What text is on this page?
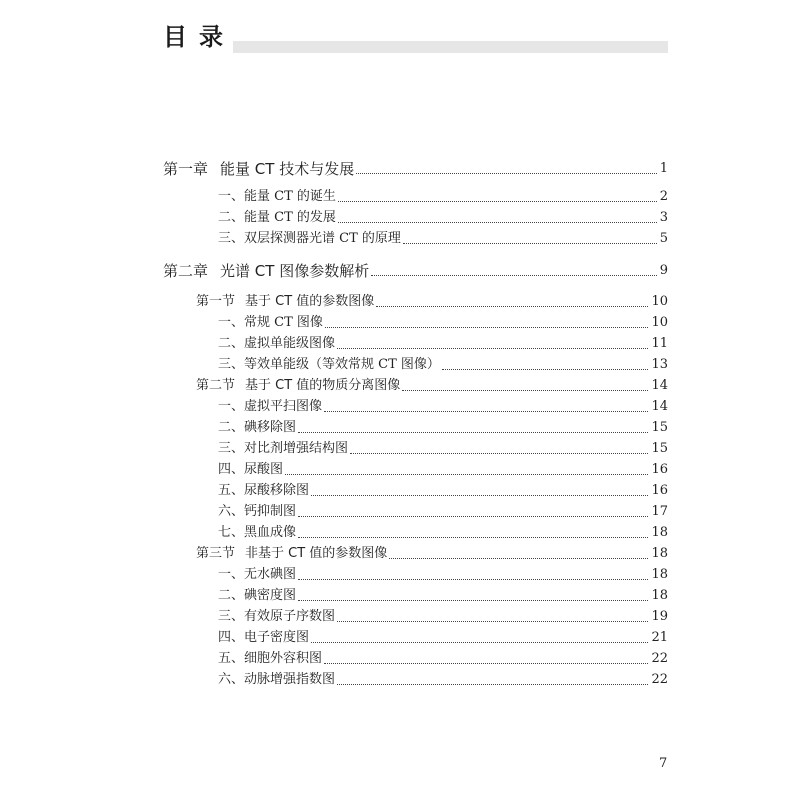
目录
第一章 能量 CT 技术与发展	1
一、能量 CT 的诞生	2
二、能量 CT 的发展	3
三、双层探测器光谱 CT 的原理	5
第二章 光谱 CT 图像参数解析	9
第一节 基于 CT 值的参数图像	10
一、常规 CT 图像	10
二、虚拟单能级图像	11
三、等效单能级（等效常规 CT 图像）	13
第二节 基于 CT 值的物质分离图像	14
一、虚拟平扫图像	14
二、碘移除图	15
三、对比剂增强结构图	15
四、尿酸图	16
五、尿酸移除图	16
六、钙抑制图	17
七、黑血成像	18
第三节 非基于 CT 值的参数图像	18
一、无水碘图	18
二、碘密度图	18
三、有效原子序数图	19
四、电子密度图	21
五、细胞外容积图	22
六、动脉增强指数图	22
7
